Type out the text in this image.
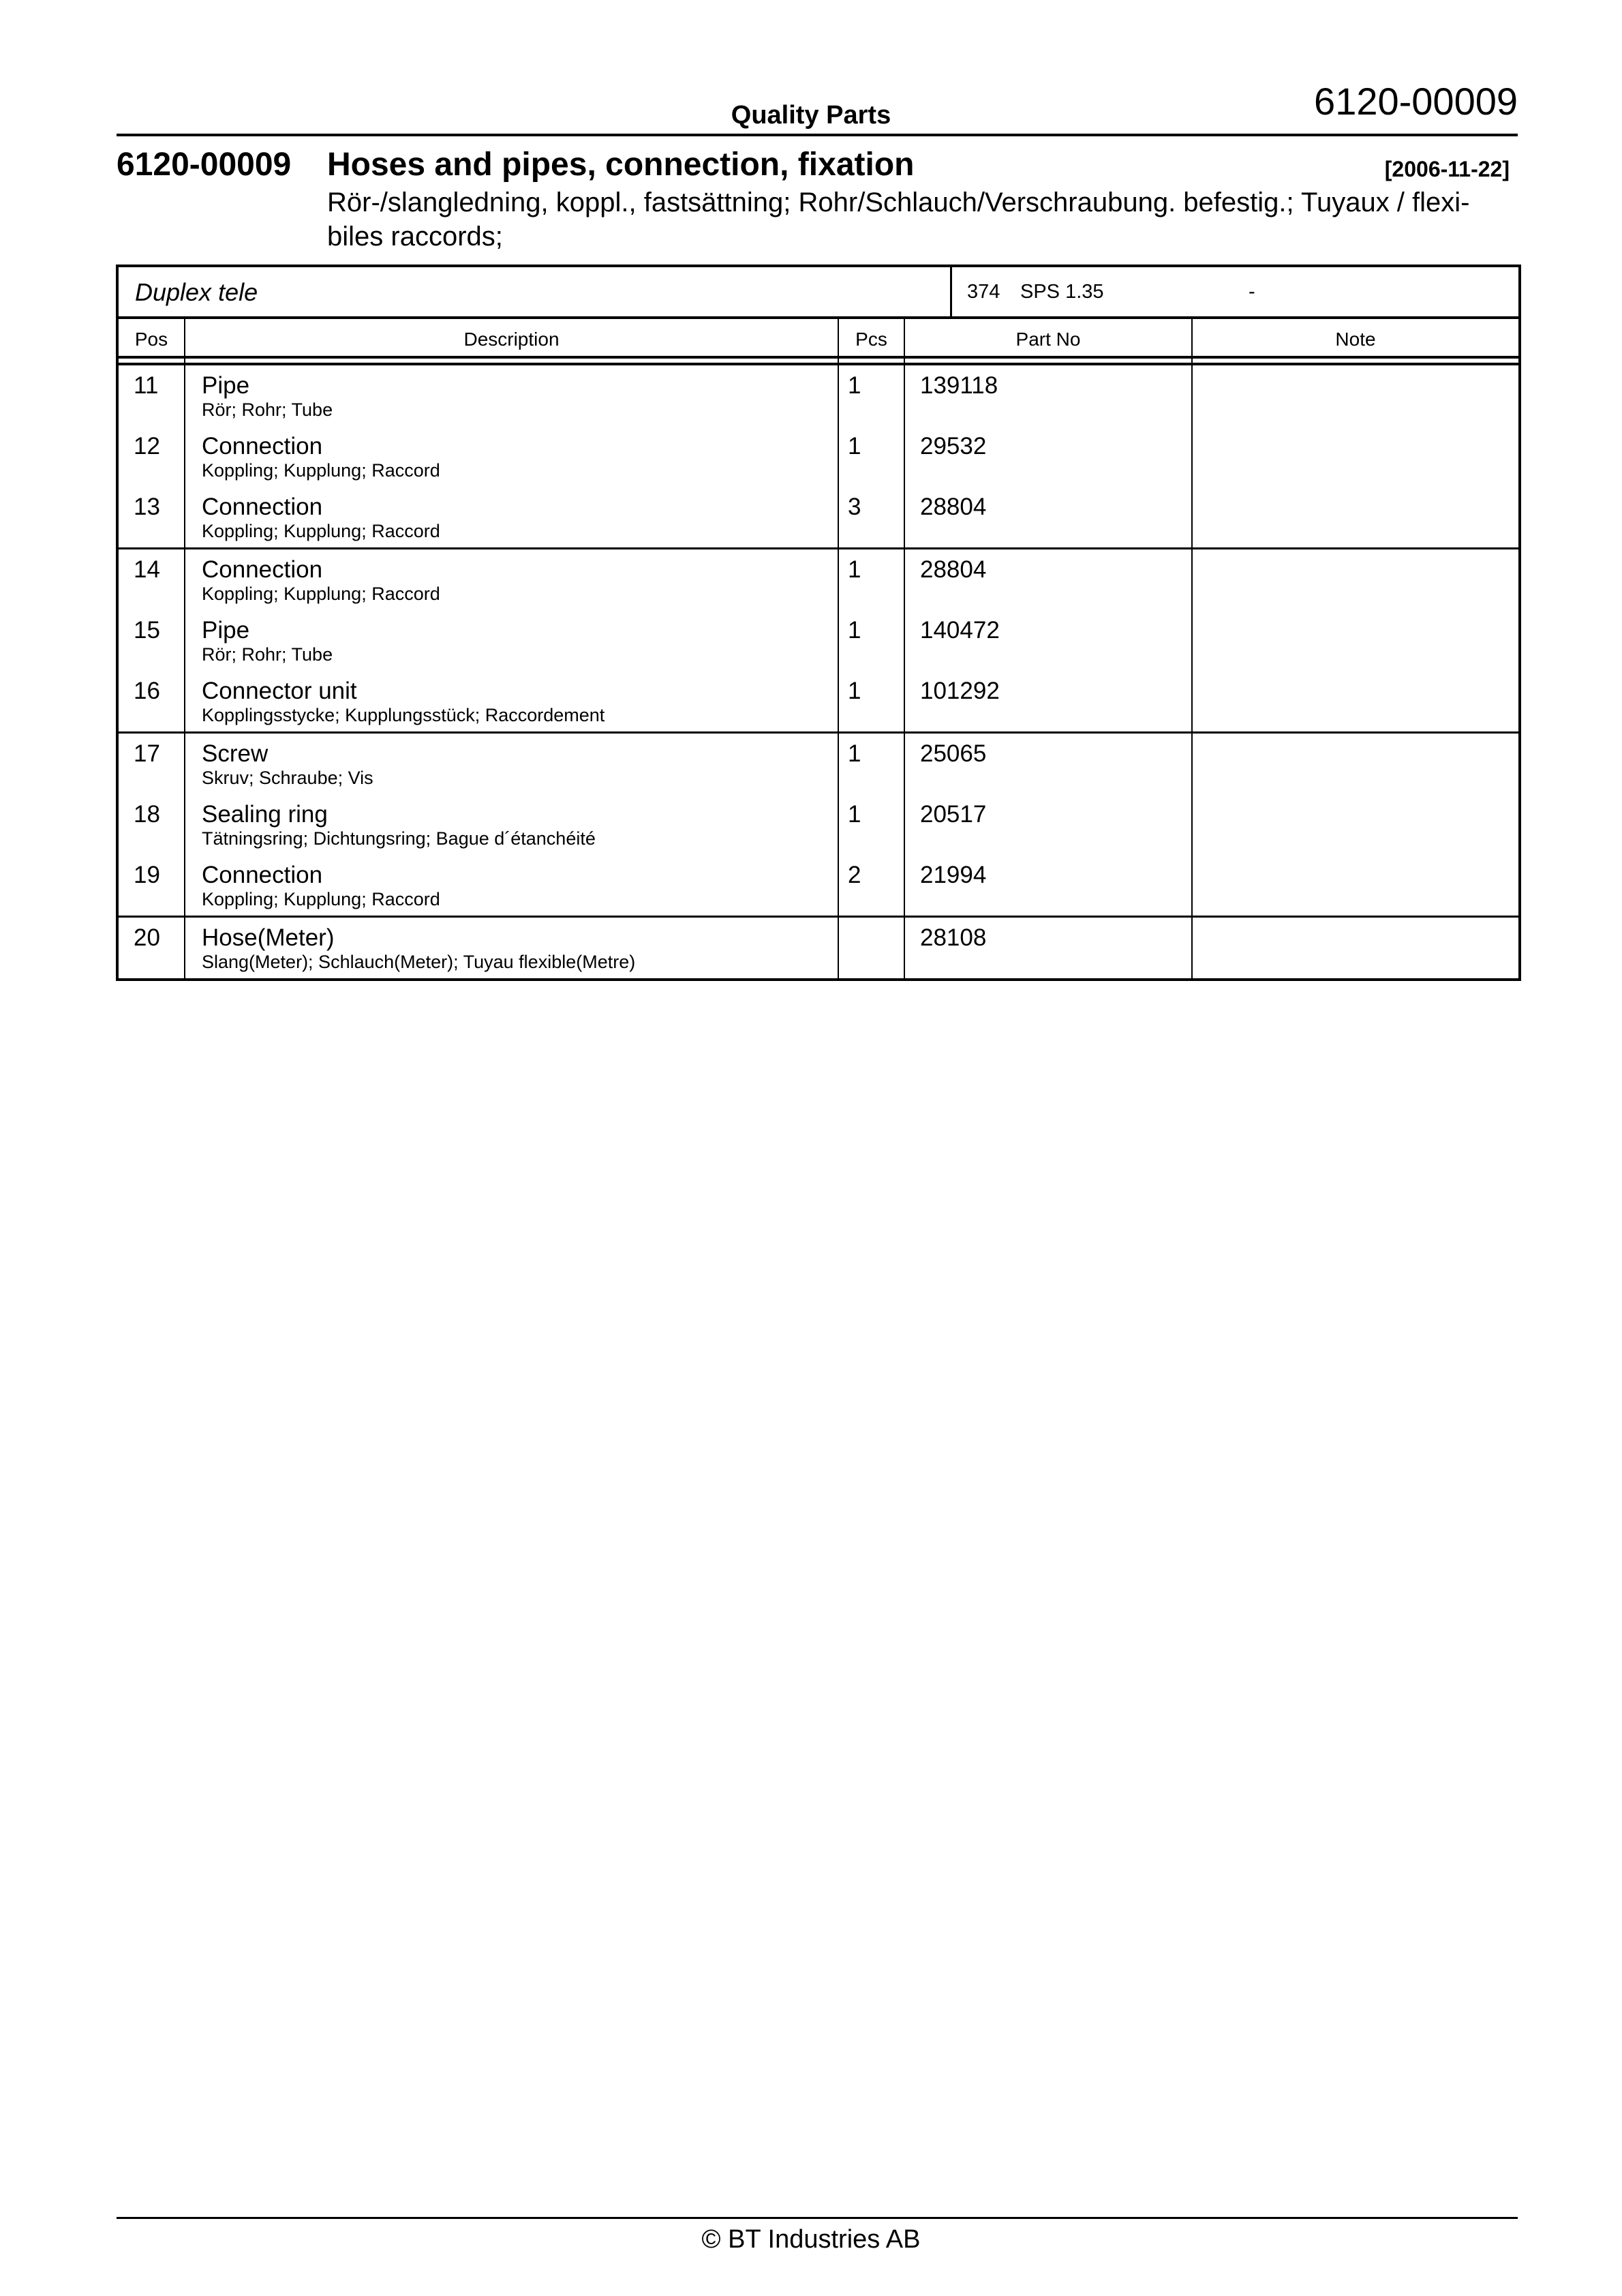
Quality Parts	6120-00009
6120-00009 Hoses and pipes, connection, fixation	[2006-11-22]
Rör-/slangledning, koppl., fastsättning; Rohr/Schlauch/Verschraubung. befestig.; Tuyaux / flexi-biles raccords;
Duplex tele	374 SPS 1.35	-
Pos	Description	Pcs	Part No	Note
11 Pipe	1 139118
Rör; Rohr; Tube
12 Connection	1 29532
Koppling; Kupplung; Raccord
13 Connection	3 28804
Koppling; Kupplung; Raccord
14 Connection	1 28804
Koppling; Kupplung; Raccord
15 Pipe	1 140472
Rör; Rohr; Tube
16 Connector unit	1 101292
Kopplingsstycke; Kupplungsstück; Raccordement
17 Screw	1 25065
Skruv; Schraube; Vis
18 Sealing ring	1 20517
Tätningsring; Dichtungsring; Bague d´étanchéité
19 Connection	2 21994
Koppling; Kupplung; Raccord
20 Hose(Meter)	28108
Slang(Meter); Schlauch(Meter); Tuyau flexible(Metre)
© BT Industries AB
